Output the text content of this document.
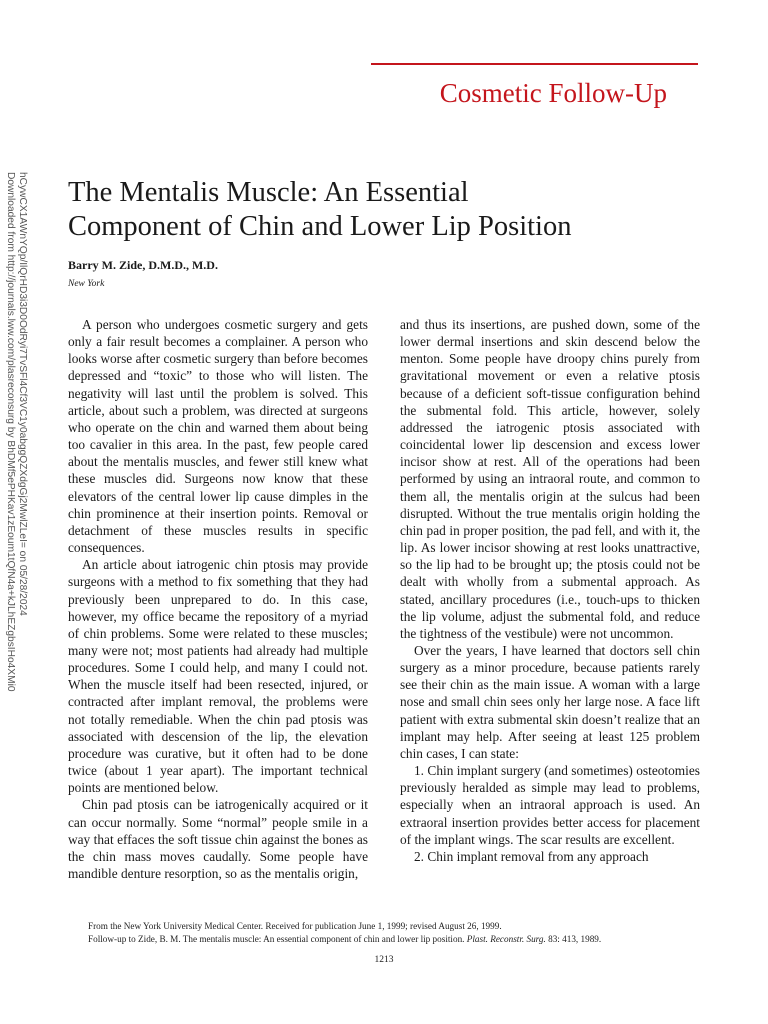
Cosmetic Follow-Up

Downloaded from http://journals.lww.com/plasreconsurg by BhDMf5ePHKav1zEoum1tQfN4a+kJLhEZgbsIHo4XMi0 hCywCX1AWnYQp/IlQrHD3i3D0OdRyi7TvSFl4Cf3VC1y0abggQZXdgGj2MwlZLeI= on 05/28/2024 The Mentalis Muscle: An Essential
Component of Chin and Lower Lip Position
Barry M. Zide, D.M.D., M.D.
New York

A person who undergoes cosmetic surgery and gets only a fair result becomes a complainer. A person who looks worse after cosmetic surgery than before becomes depressed and “toxic” to those who will listen. The negativity will last until the problem is solved. This article, about such a problem, was directed at surgeons who operate on the chin and warned them about being too cavalier in this area. In the past, few people cared about the mentalis muscles, and fewer still knew what these muscles did. Surgeons now know that these elevators of the central lower lip cause dimples in the chin prominence at their insertion points. Removal or detachment of these muscles results in specific consequences.

An article about iatrogenic chin ptosis may provide surgeons with a method to fix something that they had previously been unprepared to do. In this case, however, my office became the repository of a myriad of chin problems. Some were related to these muscles; many were not; most patients had already had multiple procedures. Some I could help, and many I could not. When the muscle itself had been resected, injured, or contracted after implant removal, the problems were not totally remediable. When the chin pad ptosis was associated with descension of the lip, the elevation procedure was curative, but it often had to be done twice (about 1 year apart). The important technical points are mentioned below.

Chin pad ptosis can be iatrogenically acquired or it can occur normally. Some “normal” people smile in a way that effaces the soft tissue chin against the bones as the chin mass moves caudally. Some people have mandible denture resorption, so as the mentalis origin,

and thus its insertions, are pushed down, some of the lower dermal insertions and skin descend below the menton. Some people have droopy chins purely from gravitational movement or even a relative ptosis because of a deficient soft-tissue configuration behind the submental fold. This article, however, solely addressed the iatrogenic ptosis associated with coincidental lower lip descension and excess lower incisor show at rest. All of the operations had been performed by using an intraoral route, and common to them all, the mentalis origin at the sulcus had been disrupted. Without the true mentalis origin holding the chin pad in proper position, the pad fell, and with it, the lip. As lower incisor showing at rest looks unattractive, so the lip had to be brought up; the ptosis could not be dealt with wholly from a submental approach. As stated, ancillary procedures (i.e., touch-ups to thicken the lip volume, adjust the submental fold, and reduce the tightness of the vestibule) were not uncommon.

Over the years, I have learned that doctors sell chin surgery as a minor procedure, because patients rarely see their chin as the main issue. A woman with a large nose and small chin sees only her large nose. A face lift patient with extra submental skin doesn’t realize that an implant may help. After seeing at least 125 problem chin cases, I can state:

1. Chin implant surgery (and sometimes) osteotomies previously heralded as simple may lead to problems, especially when an intraoral approach is used. An extraoral insertion provides better access for placement of the implant wings. The scar results are excellent.

2. Chin implant removal from any approach

From the New York University Medical Center. Received for publication June 1, 1999; revised August 26, 1999.
Follow-up to Zide, B. M. The mentalis muscle: An essential component of chin and lower lip position. Plast. Reconstr. Surg. 83: 413, 1989.
1213
